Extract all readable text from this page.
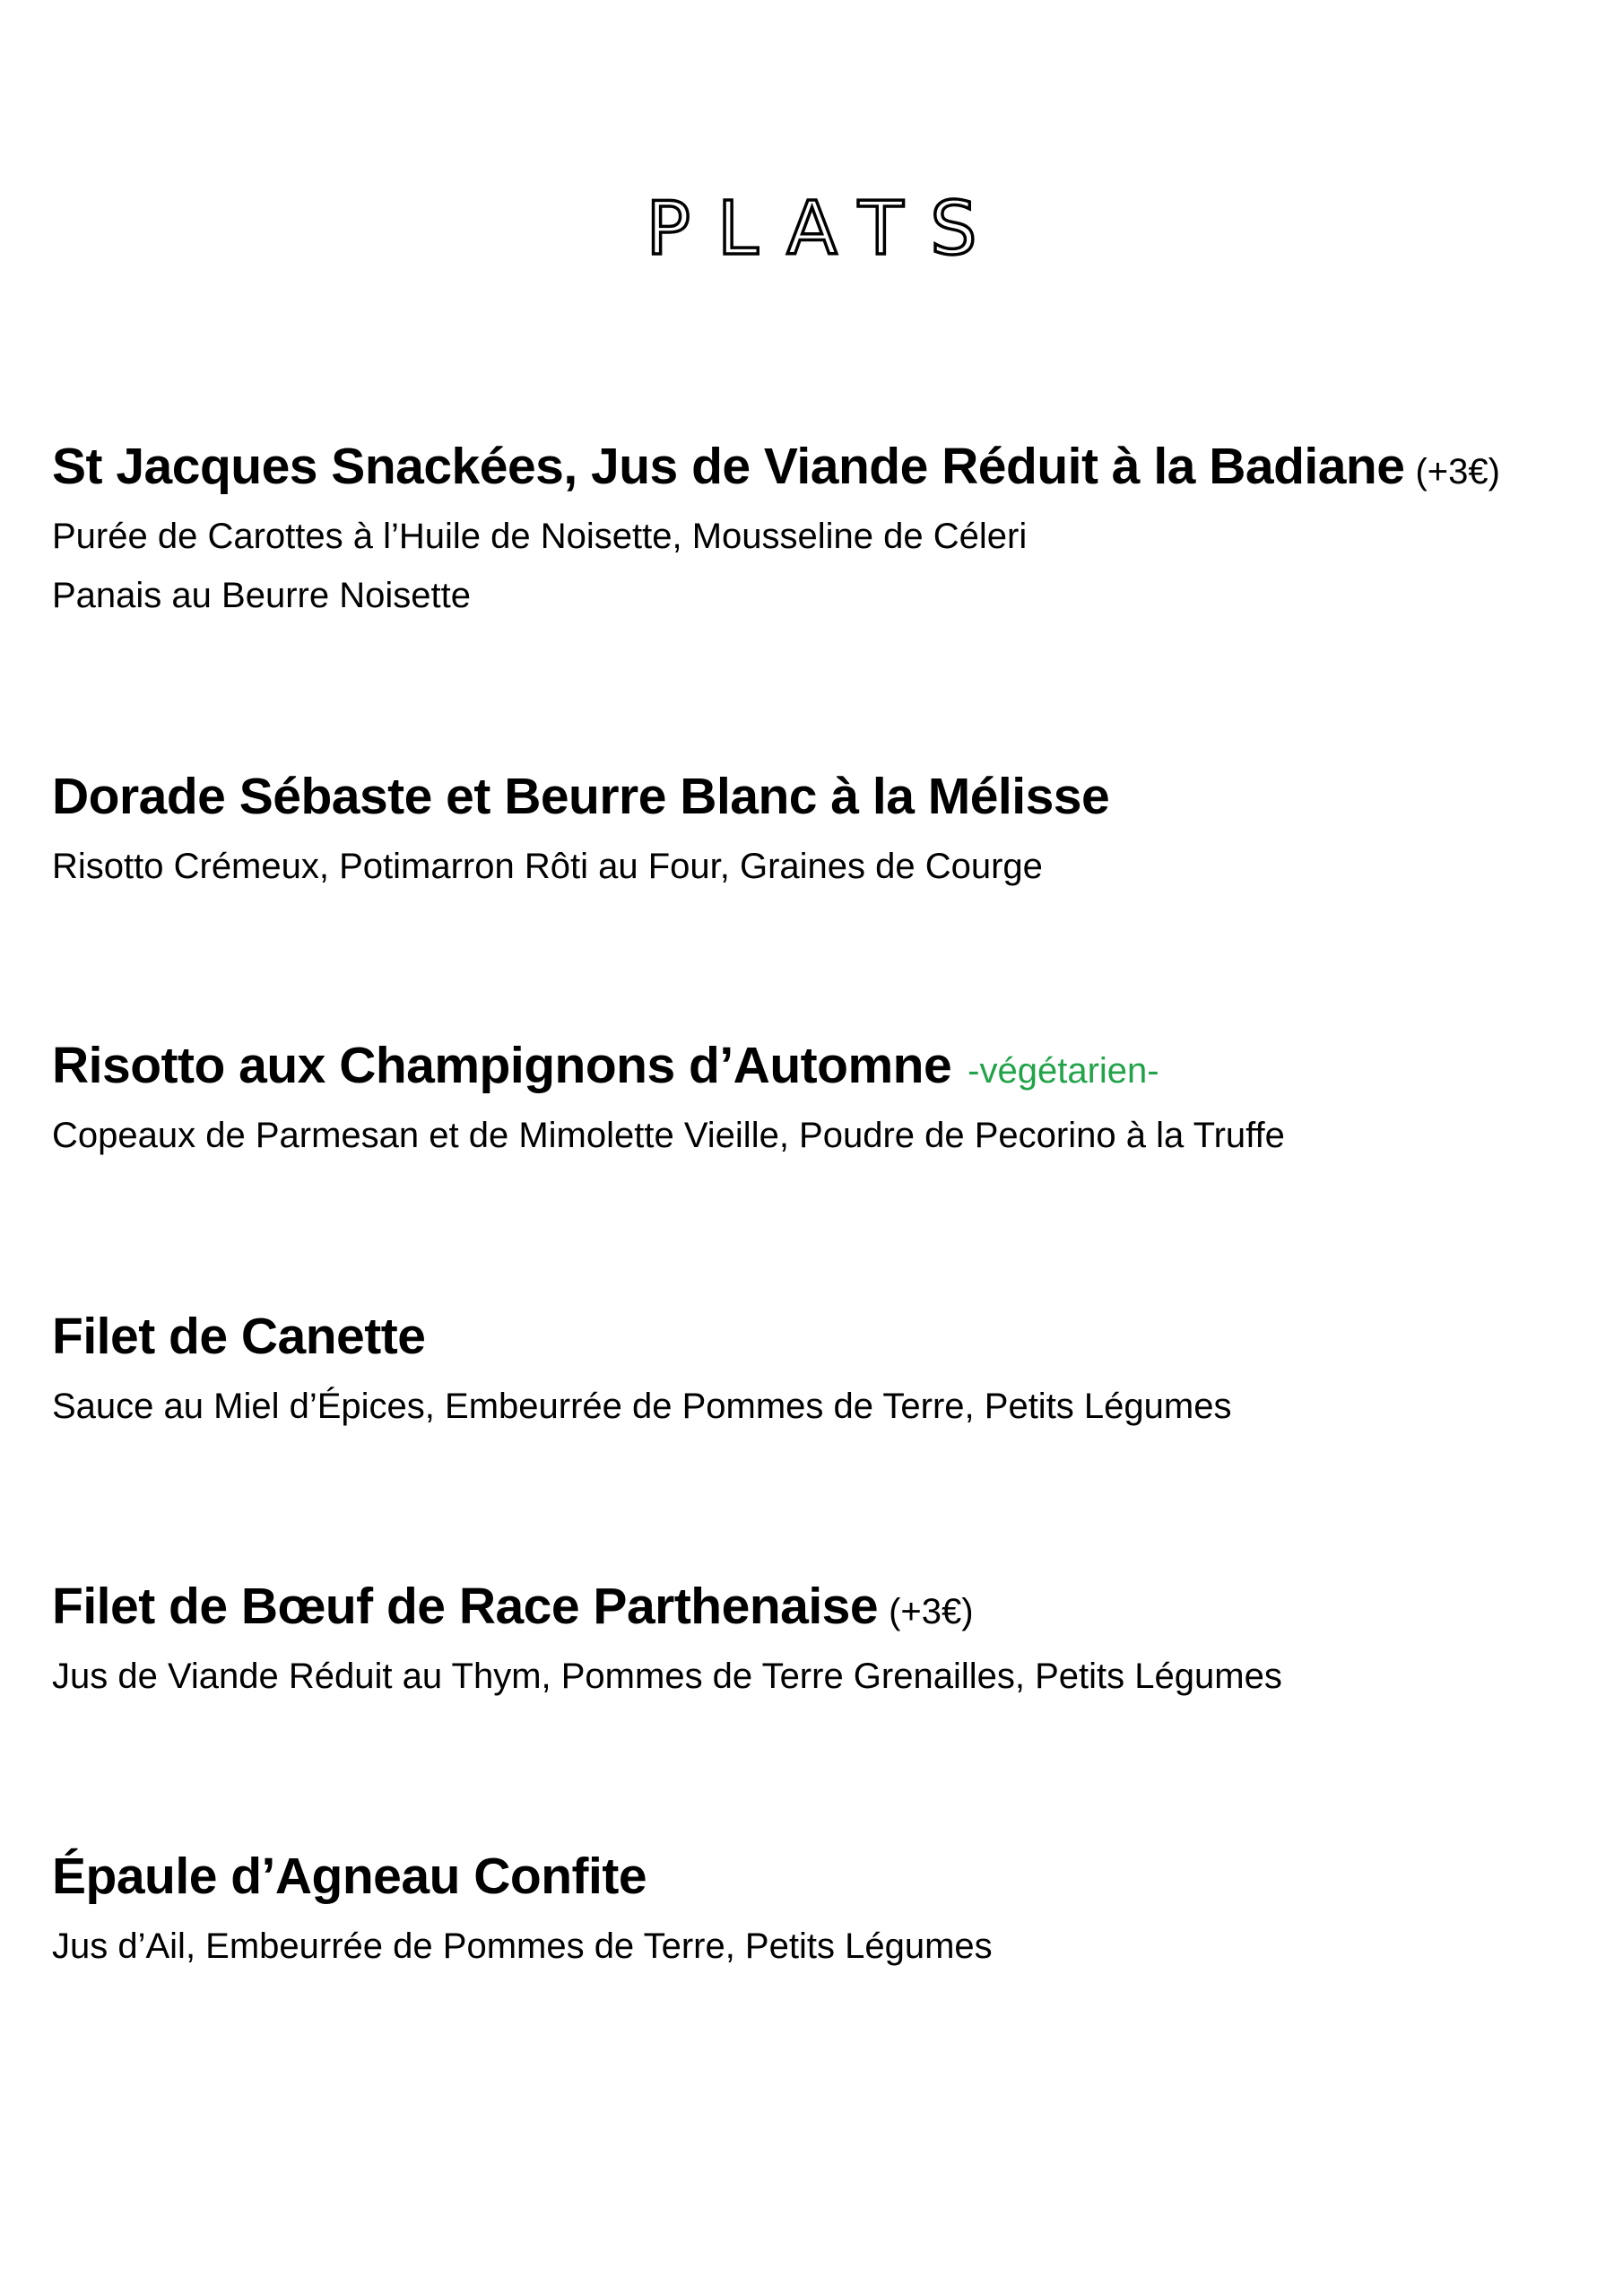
PLATS
St Jacques Snackées, Jus de Viande Réduit à la Badiane (+3€)
Purée de Carottes à l’Huile de Noisette, Mousseline de Céleri
Panais au Beurre Noisette
Dorade Sébaste et Beurre Blanc à la Mélisse
Risotto Crémeux, Potimarron Rôti au Four, Graines de Courge
Risotto aux Champignons d’Automne -végétarien-
Copeaux de Parmesan et de Mimolette Vieille, Poudre de Pecorino à la Truffe
Filet de Canette
Sauce au Miel d’Épices, Embeurrée de Pommes de Terre, Petits Légumes
Filet de Bœuf de Race Parthenaise (+3€)
Jus de Viande Réduit au Thym, Pommes de Terre Grenailles, Petits Légumes
Épaule d’Agneau Confite
Jus d’Ail, Embeurrée de Pommes de Terre, Petits Légumes
